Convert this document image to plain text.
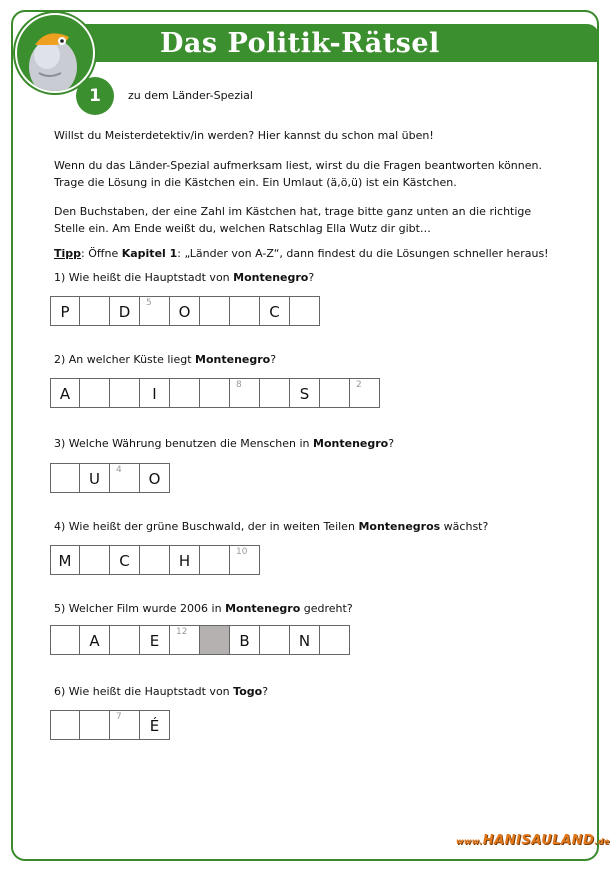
Das Politik-Rätsel
1	zu dem Länder-Spezial

Willst du Meisterdetektiv/in werden? Hier kannst du schon mal üben!

Wenn du das Länder-Spezial aufmerksam liest, wirst du die Fragen beantworten können. Trage die Lösung in die Kästchen ein. Ein Umlaut (ä,ö,ü) ist ein Kästchen.

Den Buchstaben, der eine Zahl im Kästchen hat, trage bitte ganz unten an die richtige Stelle ein. Am Ende weißt du, welchen Ratschlag Ella Wutz dir gibt…

Tipp: Öffne Kapitel 1: „Länder von A-Z“, dann findest du die Lösungen schneller heraus!

1) Wie heißt die Hauptstadt von Montenegro?
P	D	5	O	C
2) An welcher Küste liegt Montenegro?
A	I	8	S	2
3) Welche Währung benutzen die Menschen in Montenegro?
U	4	O
4) Wie heißt der grüne Buschwald, der in weiten Teilen Montenegros wächst?
M	C	H	10
5) Welcher Film wurde 2006 in Montenegro gedreht?
A	E	12	B	N
6) Wie heißt die Hauptstadt von Togo?
7	É
www.HANISAULAND.de
